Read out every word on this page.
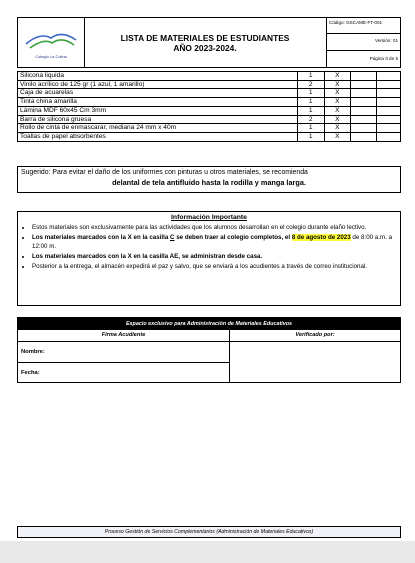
Colegio La Colina
LISTA DE MATERIALES DE ESTUDIANTES
AÑO 2023-2024.
Código: GSCAME-FT-001
Versión: 01
Página 3 de 5
Silicona liquida	1	X		
Vinilo acrílico de 125 gr (1 azul, 1 amarillo)	2	X		
Caja de acuarelas	1	X		
Tinta china amarilla	1	X		
Lámina MDF 60x45 Cm 3mm	1	X		
Barra de silicona gruesa	2	X		
Rollo de cinta de enmascarar, mediana 24 mm x 40m	1	X		
Toallas de papel absorbentes	1	X		
Sugerido: Para evitar el daño de los uniformes con pinturas u otros materiales, se recomienda
delantal de tela antifluido hasta la rodilla y manga larga.
Información Importante
• Estos materiales son exclusivamente para las actividades que los alumnos desarrollan en el colegio durante elaño lectivo.
• Los materiales marcados con la X en la casilla C se deben traer al colegio completos, el 8 de agosto de 2023 de 8:00 a.m. a 12:00 m.
• Los materiales marcados con la X en la casilla AE, se administran desde casa.
• Posterior a la entrega, el almacén expedirá el paz y salvo, que se enviará a los acudientes a través de correo institucional.
Espacio exclusivo para Administración de Materiales Educativos
Firma Acudiente	Verificado por:
Nombre:
Fecha:
Proceso Gestión de Servicios Complementarios (Administración de Materiales Educativos)
